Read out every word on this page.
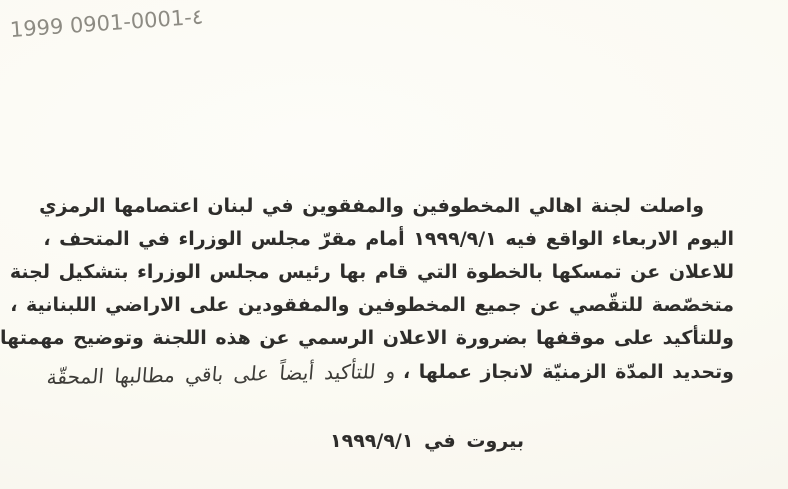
1999 0901-0001-٤
واصلت لجنة اهالي المخطوفين والمفقوين في لبنان اعتصامها الرمزي
اليوم الاربعاء الواقع فيه ١٩٩٩/٩/١ أمام مقرّ مجلس الوزراء في المتحف ،
للاعلان عن تمسكها بالخطوة التي قام بها رئيس مجلس الوزراء بتشكيل لجنة
متخصّصة للتقّصي عن جميع المخطوفين والمفقودين على الاراضي اللبنانية ،
وللتأكيد على موقفها بضرورة الاعلان الرسمي عن هذه اللجنة وتوضيح مهمتها
وتحديد المدّة الزمنيّة لانجاز عملها ، و للتأكيد أيضاً على باقي مطالبها المحقّة
بيروت في ١٩٩٩/٩/١
